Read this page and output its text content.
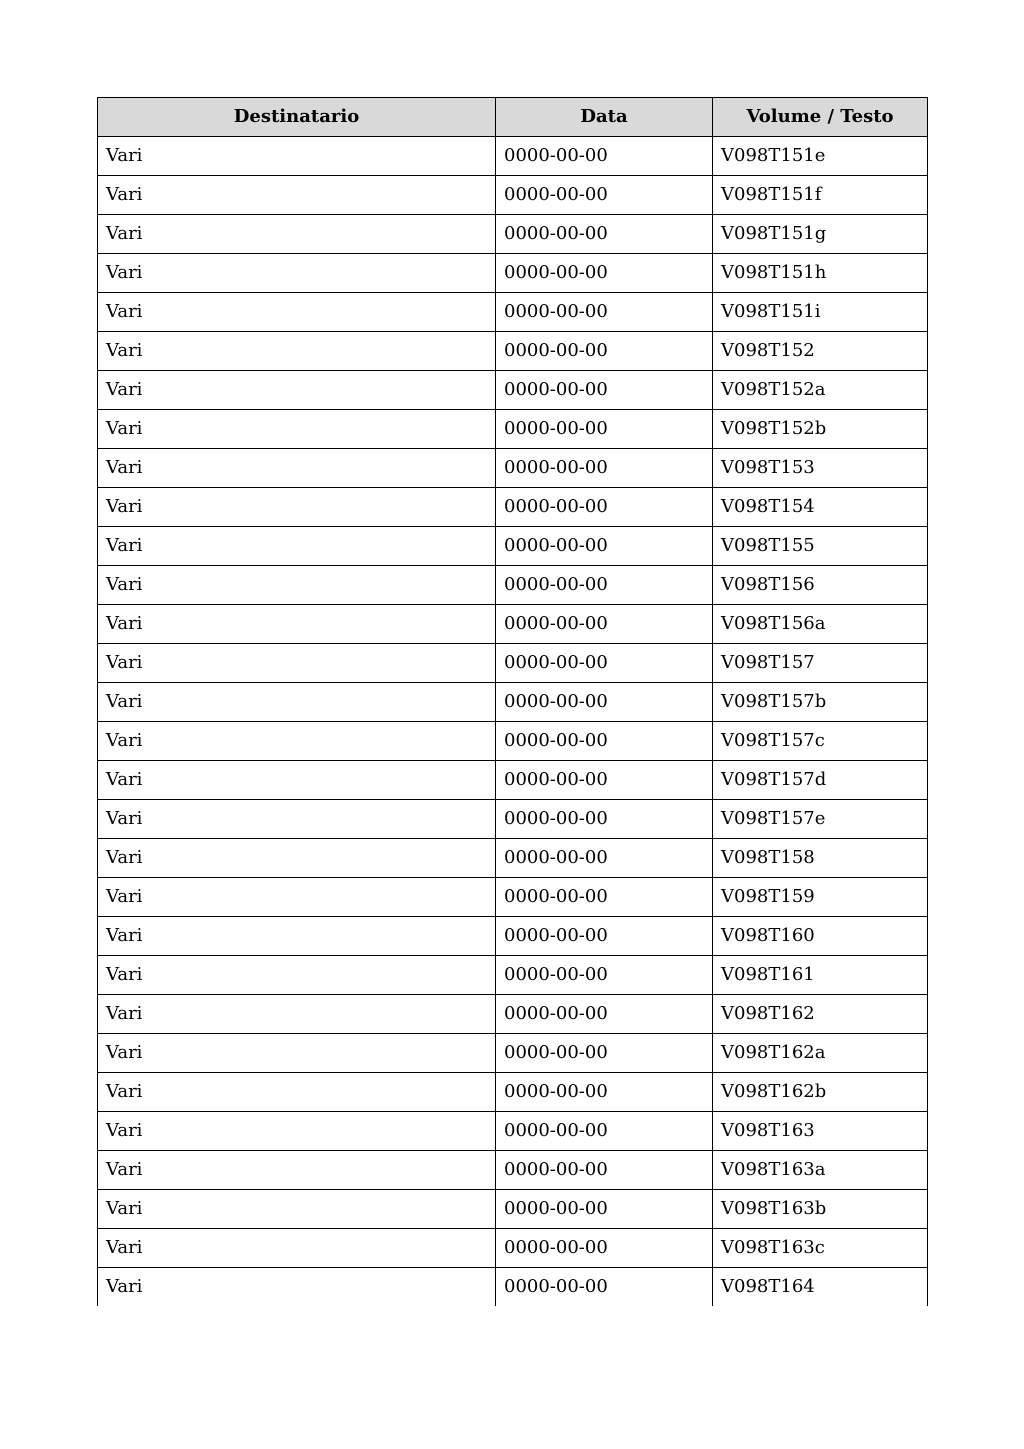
Destinatario	Data	Volume / Testo
Vari	0000-00-00	V098T151e
Vari	0000-00-00	V098T151f
Vari	0000-00-00	V098T151g
Vari	0000-00-00	V098T151h
Vari	0000-00-00	V098T151i
Vari	0000-00-00	V098T152
Vari	0000-00-00	V098T152a
Vari	0000-00-00	V098T152b
Vari	0000-00-00	V098T153
Vari	0000-00-00	V098T154
Vari	0000-00-00	V098T155
Vari	0000-00-00	V098T156
Vari	0000-00-00	V098T156a
Vari	0000-00-00	V098T157
Vari	0000-00-00	V098T157b
Vari	0000-00-00	V098T157c
Vari	0000-00-00	V098T157d
Vari	0000-00-00	V098T157e
Vari	0000-00-00	V098T158
Vari	0000-00-00	V098T159
Vari	0000-00-00	V098T160
Vari	0000-00-00	V098T161
Vari	0000-00-00	V098T162
Vari	0000-00-00	V098T162a
Vari	0000-00-00	V098T162b
Vari	0000-00-00	V098T163
Vari	0000-00-00	V098T163a
Vari	0000-00-00	V098T163b
Vari	0000-00-00	V098T163c
Vari	0000-00-00	V098T164
